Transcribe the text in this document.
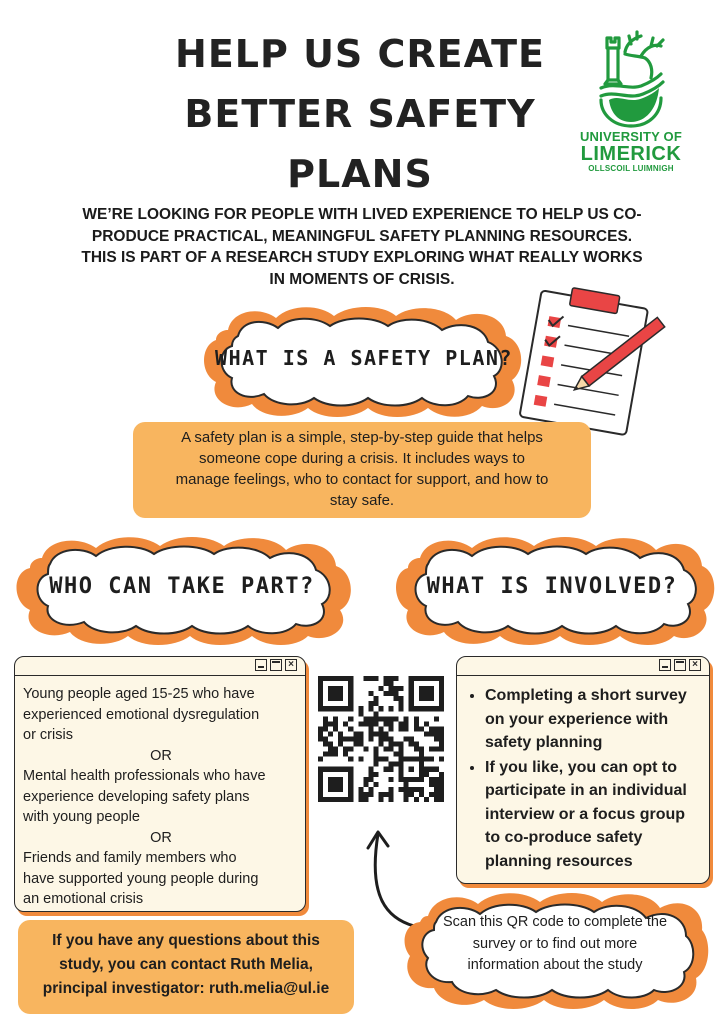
HELP US CREATE
BETTER SAFETY
PLANS
UNIVERSITY OF
LIMERICK
OLLSCOIL LUIMNIGH
WE’RE LOOKING FOR PEOPLE WITH LIVED EXPERIENCE TO HELP US CO-
PRODUCE PRACTICAL, MEANINGFUL SAFETY PLANNING RESOURCES.
THIS IS PART OF A RESEARCH STUDY EXPLORING WHAT REALLY WORKS
IN MOMENTS OF CRISIS.
WHAT IS A SAFETY PLAN?
A safety plan is a simple, step-by-step guide that helps
someone cope during a crisis. It includes ways to
manage feelings, who to contact for support, and how to
stay safe.
WHO CAN TAKE PART?	WHAT IS INVOLVED?
×
Young people aged 15-25 who have
experienced emotional dysregulation
or crisis
OR
Mental health professionals who have
experience developing safety plans
with young people
OR
Friends and family members who
have supported young people during
an emotional crisis
×
• Completing a short survey on your experience with safety planning
• If you like, you can opt to participate in an individual interview or a focus group to co-produce safety planning resources
Scan this QR code to complete the
survey or to find out more
information about the study
If you have any questions about this
study, you can contact Ruth Melia,
principal investigator: ruth.melia@ul.ie
